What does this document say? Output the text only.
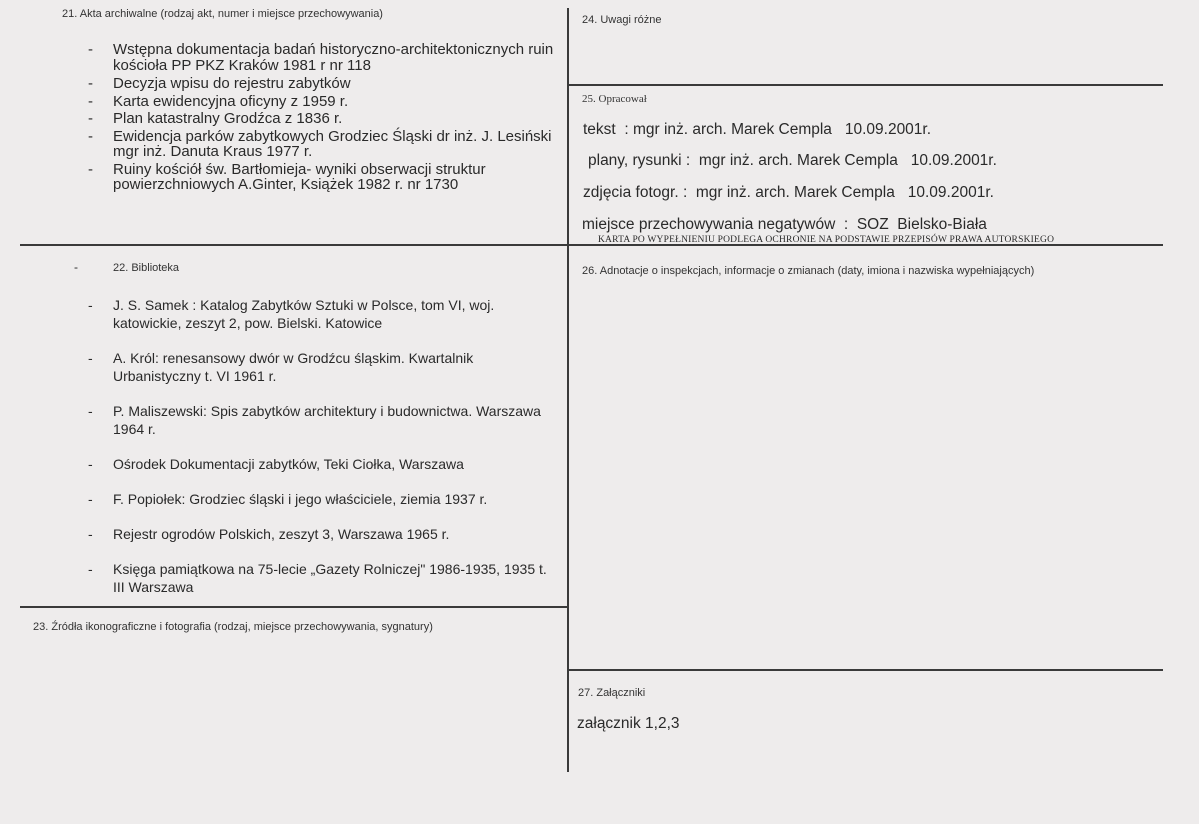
21. Akta archiwalne (rodzaj akt, numer i miejsce przechowywania)
- Wstępna dokumentacja badań historyczno-architektonicznych ruin kościoła PP PKZ Kraków 1981 r nr 118
- Decyzja wpisu do rejestru zabytków
- Karta ewidencyjna oficyny z 1959 r.
- Plan katastralny Grodźca z 1836 r.
- Ewidencja parków zabytkowych Grodziec Śląski dr inż. J. Lesiński mgr inż. Danuta Kraus 1977 r.
- Ruiny kościół św. Bartłomieja- wyniki obserwacji struktur powierzchniowych A.Ginter, Książek 1982 r. nr 1730
24. Uwagi różne
25. Opracował
tekst  : mgr inż. arch. Marek Cempla   10.09.2001r.
plany, rysunki :  mgr inż. arch. Marek Cempla   10.09.2001r.
zdjęcia fotogr. :  mgr inż. arch. Marek Cempla   10.09.2001r.
miejsce przechowywania negatywów  :  SOZ  Bielsko-Biała
KARTA PO WYPEŁNIENIU PODLEGA OCHRONIE NA PODSTAWIE PRZEPISÓW PRAWA AUTORSKIEGO
-	22. Biblioteka
- J. S. Samek : Katalog Zabytków Sztuki w Polsce, tom VI, woj. katowickie, zeszyt 2, pow. Bielski. Katowice
- A. Król: renesansowy dwór w Grodźcu śląskim. Kwartalnik Urbanistyczny t. VI 1961 r.
- P. Maliszewski: Spis zabytków architektury i budownictwa. Warszawa 1964 r.
- Ośrodek Dokumentacji zabytków, Teki Ciołka, Warszawa
- F. Popiołek: Grodziec śląski i jego właściciele, ziemia 1937 r.
- Rejestr ogrodów Polskich, zeszyt 3, Warszawa 1965 r.
- Księga pamiątkowa na 75-lecie „Gazety Rolniczej" 1986-1935, 1935 t. III Warszawa
26. Adnotacje o inspekcjach, informacje o zmianach (daty, imiona i nazwiska wypełniających)
23. Źródła ikonograficzne i fotografia (rodzaj, miejsce przechowywania, sygnatury)
27. Załączniki
załącznik 1,2,3
